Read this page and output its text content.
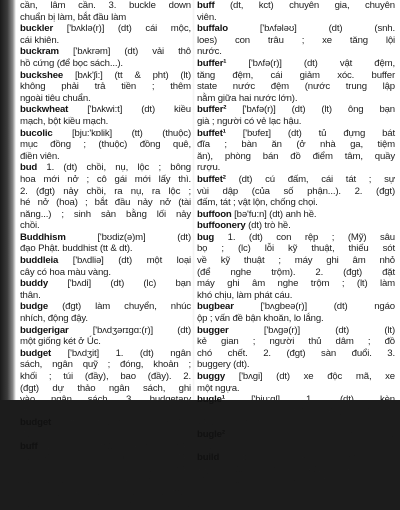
cần, lâm cần. 3. buckle down
chuẩn bị làm, bắt đầu làm
buckler ['bʌklə(r)] (dt) cái mộc,
cái khiên.
buckram ['bʌkrəm] (dt) vải thô
hồ cứng (để bọc sách...).
buckshee [bʌk'ʃi:] (tt & pht) (lt)
không phải trả tiền ; thêm
ngoài tiêu chuẩn.
buckwheat ['bʌkwi:t] (dt) kiều
mạch, bột kiều mạch.
bucolic [bju:'kɒlik] (tt) (thuộc)
mục đồng ; (thuộc) đồng quê,
điền viên.
bud 1. (dt) chồi, nụ, lộc ; bông
hoa mới nở ; cô gái mới lấy thì.
2. (đgt) nảy chồi, ra nụ, ra lộc ;
hé nở (hoa) ; bắt đầu nảy nở (tài
năng...) ; sinh sản bằng lối nảy
chồi.
Buddhism ['bʊdiz(ə)m] (dt)
đạo Phật. buddhist (tt & dt).
buddleia ['bʌdliə] (dt) một loại
cây có hoa màu vàng.
buddy ['bʌdi] (dt) (lc) bạn
thân.
budge (đgt) làm chuyển, nhúc
nhích, động đậy.
budgerigar ['bʌdʒərɪgɑ:(r)] (dt)
một giống két ở Úc.
budget ['bʌdʒit] 1. (dt) ngân
sách, ngân quỹ ; đóng, khoản ;
khối ; túi (đầy), bao (đầy). 2.
(đgt) dự thảo ngân sách, ghi
vào ngân sách. 3. budgetary
(tt).
budget (tt) (thuộc) rẻ, không
đắt.
buff 1. (dt) da trâu, da bò ; màu
da bò ; (lt) da (tục) người đàn
ông. 2. (tt) màu vàng sẫm, màu
da bò. 3. (nghĩa) đánh bóng (đồ
kim loại, ván sàn...) bằng da trâu,
da bò (da thú) cho mượt như da
buff (dt, kct) chuyên gia, chuyên
viên.
buffalo ['bʌfələʊ] (dt) (snh.
loes) con trâu ; xe tăng lội
nước.
buffer¹ ['bʌfə(r)] (dt) vật đệm,
tăng đệm, cái giảm xóc. buffer
state nước đệm (nước trung lập
nằm giữa hai nước lớn).
buffer² ['bʌfə(r)] (dt) (lt) ông bạn
già ; người có vẻ lạc hậu.
buffet¹ ['bʊfeɪ] (dt) tủ đựng bát
đĩa ; bàn ăn (ở nhà ga, tiệm
ăn), phòng bán đồ điểm tâm, quầy
rượu.
buffet² (dt) cú đấm, cái tát ; sự
vùi dập (của số phận...). 2. (đgt)
đấm, tát ; vật lộn, chống chọi.
buffoon [bə'fu:n] (dt) anh hề.
buffoonery (dt) trò hề.
bug 1. (dt) con rệp ; (Mỹ) sâu
bọ ; (lc) lỗi kỹ thuật, thiếu sót
về kỹ thuật ; máy ghi âm nhỏ
(để nghe trộm). 2. (đgt) đặt
máy ghi âm nghe trộm ; (lt) làm
khó chịu, làm phát cáu.
bugbear ['bʌgbeə(r)] (dt) ngáo
ộp ; vấn đề bận khoăn, lo lắng.
bugger ['bʌgə(r)] (dt) (lt)
kẻ gian ; người thủ dâm ; đồ
chó chết. 2. (đgt) sàn đuổi. 3.
buggery (dt).
buggy ['bʌgi] (dt) xe độc mã, xe
một ngựa.
bugle¹ ['bju:gl] 1. (dt) kèn
đồng. 2. (nđt) thổi kèn, thổi tù
và. 3. bugler (dt).
bugle² ['bju:g(ə)l] (dt) cây hạ
khô.
build [bɪld] 1. (qk & qkpt built)
xây, xây dựng, xây cất, dựng
nên, lập lên. 2. (dt) kiểu kiến
